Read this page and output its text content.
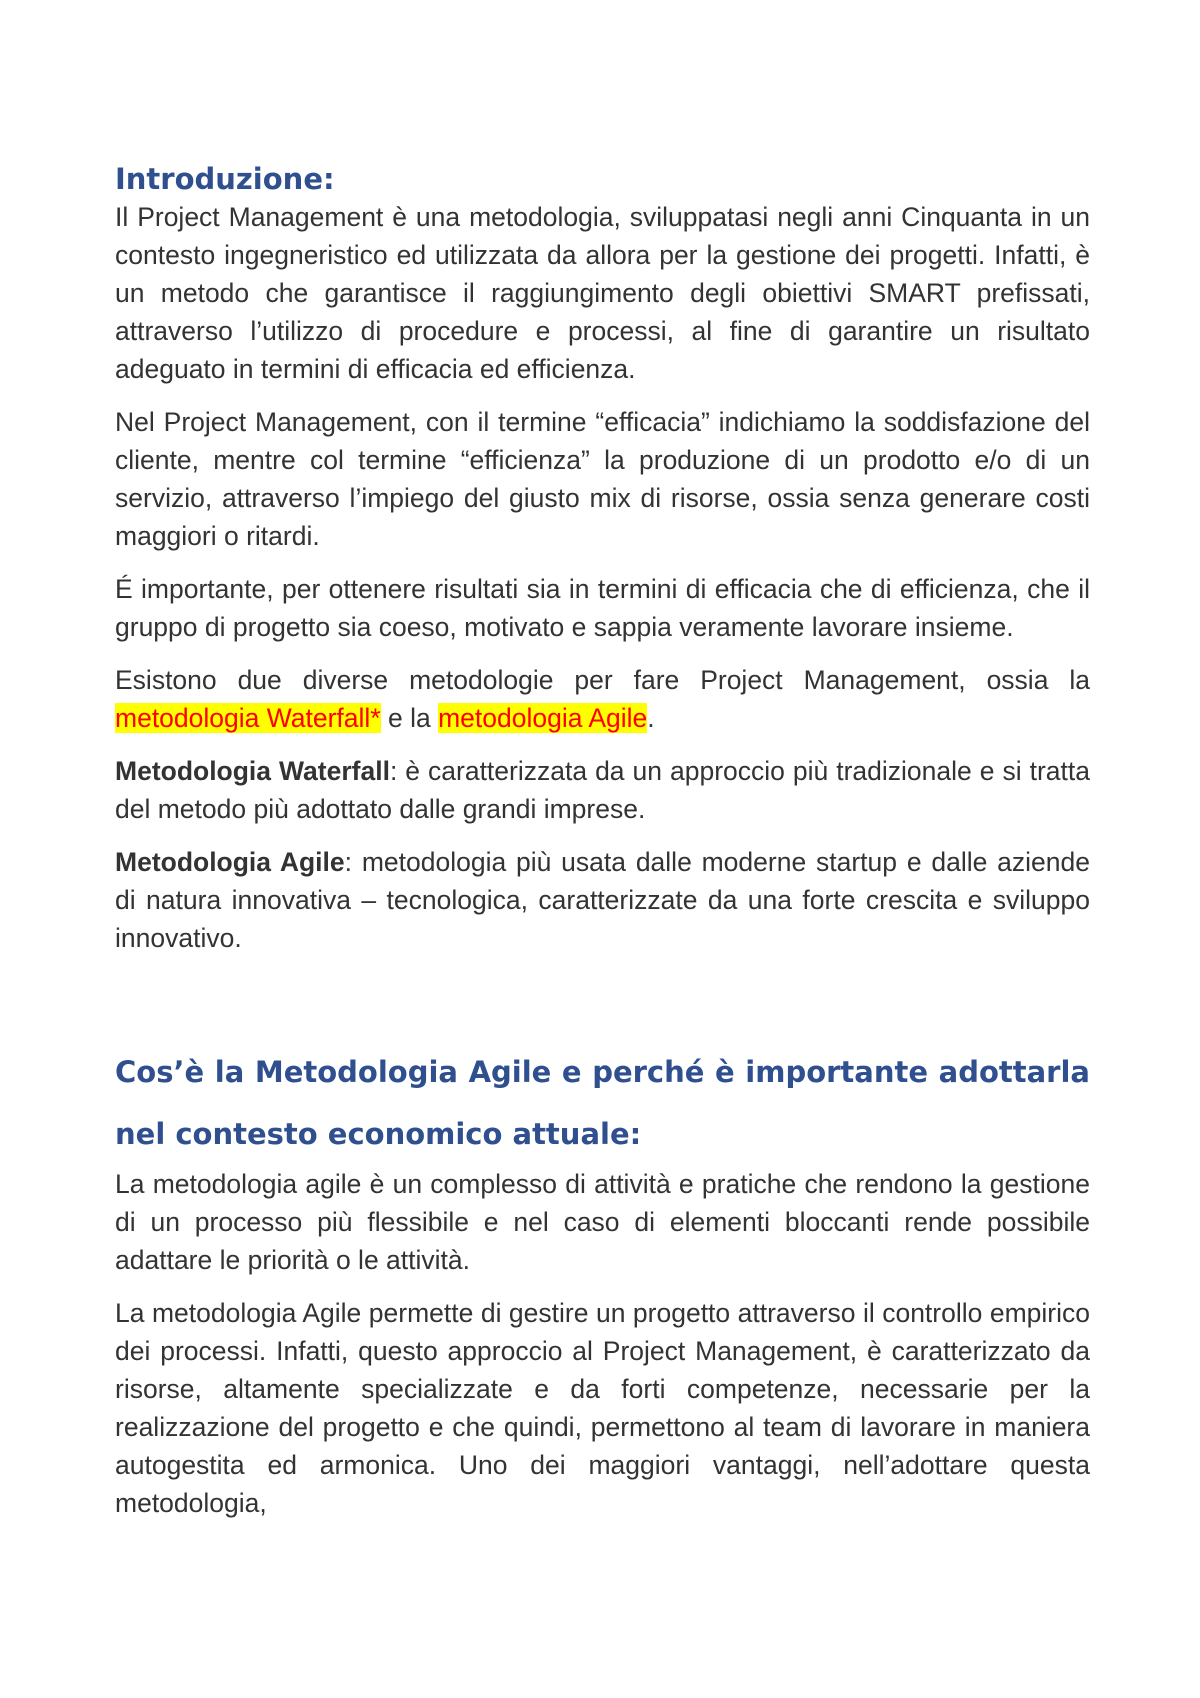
Introduzione:

Il Project Management è una metodologia, sviluppatasi negli anni Cinquanta in un contesto ingegneristico ed utilizzata da allora per la gestione dei progetti. Infatti, è un metodo che garantisce il raggiungimento degli obiettivi SMART prefissati, attraverso l’utilizzo di procedure e processi, al fine di garantire un risultato adeguato in termini di efficacia ed efficienza.

Nel Project Management, con il termine “efficacia” indichiamo la soddisfazione del cliente, mentre col termine “efficienza” la produzione di un prodotto e/o di un servizio, attraverso l’impiego del giusto mix di risorse, ossia senza generare costi maggiori o ritardi.

É importante, per ottenere risultati sia in termini di efficacia che di efficienza, che il gruppo di progetto sia coeso, motivato e sappia veramente lavorare insieme.

Esistono due diverse metodologie per fare Project Management, ossia la metodologia Waterfall* e la metodologia Agile.

Metodologia Waterfall: è caratterizzata da un approccio più tradizionale e si tratta del metodo più adottato dalle grandi imprese.

Metodologia Agile: metodologia più usata dalle moderne startup e dalle aziende di natura innovativa – tecnologica, caratterizzate da una forte crescita e sviluppo innovativo.

Cos’è la Metodologia Agile e perché è importante adottarla nel contesto economico attuale:

La metodologia agile è un complesso di attività e pratiche che rendono la gestione di un processo più flessibile e nel caso di elementi bloccanti rende possibile adattare le priorità o le attività.

La metodologia Agile permette di gestire un progetto attraverso il controllo empirico dei processi. Infatti, questo approccio al Project Management, è caratterizzato da risorse, altamente specializzate e da forti competenze, necessarie per la realizzazione del progetto e che quindi, permettono al team di lavorare in maniera autogestita ed armonica. Uno dei maggiori vantaggi, nell’adottare questa metodologia,
